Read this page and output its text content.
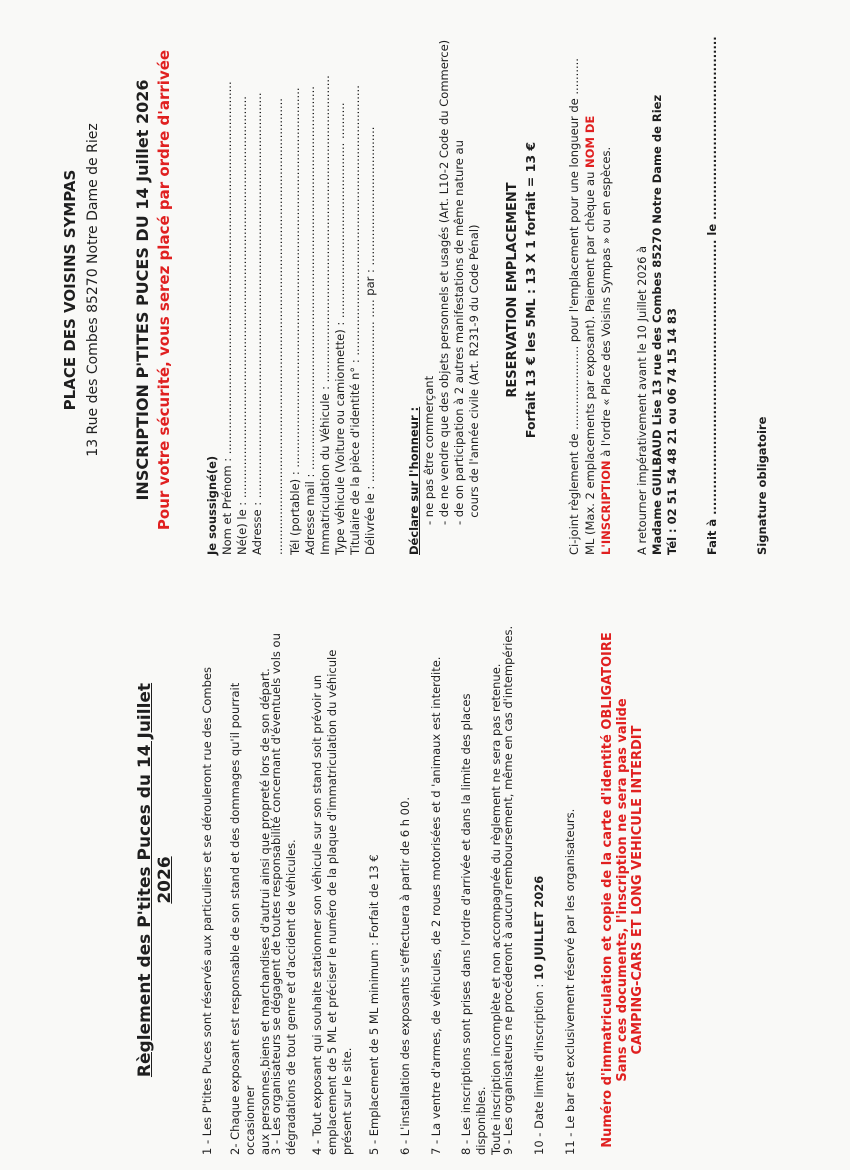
Règlement des P'tites Puces du 14 Juillet 2026 1 - Les P'tites Puces sont réservés aux particuliers et se dérouleront rue des Combes 2- Chaque exposant est responsable de son stand et des dommages qu'il pourrait occasionner
aux personnes,biens et marchandises d'autrui ainsi que propreté lors de son départ.
3 - Les organisateurs se dégagent de toutes responsabilité concernant d'éventuels vols ou
dégradations de tout genre et d'accident de véhicules. 4 - Tout exposant qui souhaite stationner son véhicule sur son stand soit prévoir un
emplacement de 5 ML et préciser le numéro de la plaque d'immatriculation du véhicule
présent sur le site. 5 - Emplacement de 5 ML minimum : Forfait de 13 € 6 - L'installation des exposants s'effectuera à partir de 6 h 00. 7 - La ventre d'armes, de véhicules, de 2 roues motorisées et d 'animaux est interdite. 8 - Les inscriptions sont prises dans l'ordre d'arrivée et dans la limite des places disponibles.
Toute inscription incomplète et non accompagnée du règlement ne sera pas retenue.
9 - Les organisateurs ne procéderont à aucun remboursement, même en cas d'intempéries. 10 - Date limite d'inscription : 10 JUILLET 2026 11 - Le bar est exclusivement réservé par les organisateurs. Numéro d'immatriculation et copie de la carte d'identité OBLIGATOIRE Sans ces documents, l'inscription ne sera pas valide CAMPING-CARS ET LONG VEHICULE INTERDIT
PLACE DES VOISINS SYMPAS 13 Rue des Combes 85270 Notre Dame de Riez INSCRIPTION P'TITES PUCES DU 14 Juillet 2026 Pour votre sécurité, vous serez placé par ordre d'arrivée	Je soussigné(e) Nom et Prénom : ...................................................................................................... Né(e) le : .............................................................................................................. Adresse : ............................................................................................................... ............................................................................................................................. Tél (portable) : ........................................................................................................ Adresse mail : ......................................................................................................... Immatriculation du Véhicule : .................................................................................... Type véhicule (Voiture ou camionnette) : ................................................ .......... Titulaire de la pièce d'identité n° : .......................................................................... Délivrée le : ............................................ ..... par : ......................................	Déclare sur l'honneur : - ne pas être commerçant - de ne vendre que des objets personnels et usagés (Art. L10-2 Code du Commerce) - de on participation à 2 autres manifestations de même nature au cours de l'année civile (Art. R231-9 du Code Pénal) RESERVATION EMPLACEMENT Forfait 13 € les 5ML : 13 X 1 forfait = 13 €	Ci-joint règlement de ....................... pour l'emplacement pour une longueur de .......... ML (Max. 2 emplacements par exposant). Paiement par chèque au NOM DE
L'INSCRIPTION à l'ordre « Place des Voisins Sympas » ou en espèces. A retourner impérativement avant le 10 Juillet 2026 à Madame GUILBAUD Lise 13 rue des Combes 85270 Notre Dame de Riez Tél : 02 51 54 48 21 ou 06 74 15 14 83 Fait à ............................................................... le ..........................................	Signature obligatoire
